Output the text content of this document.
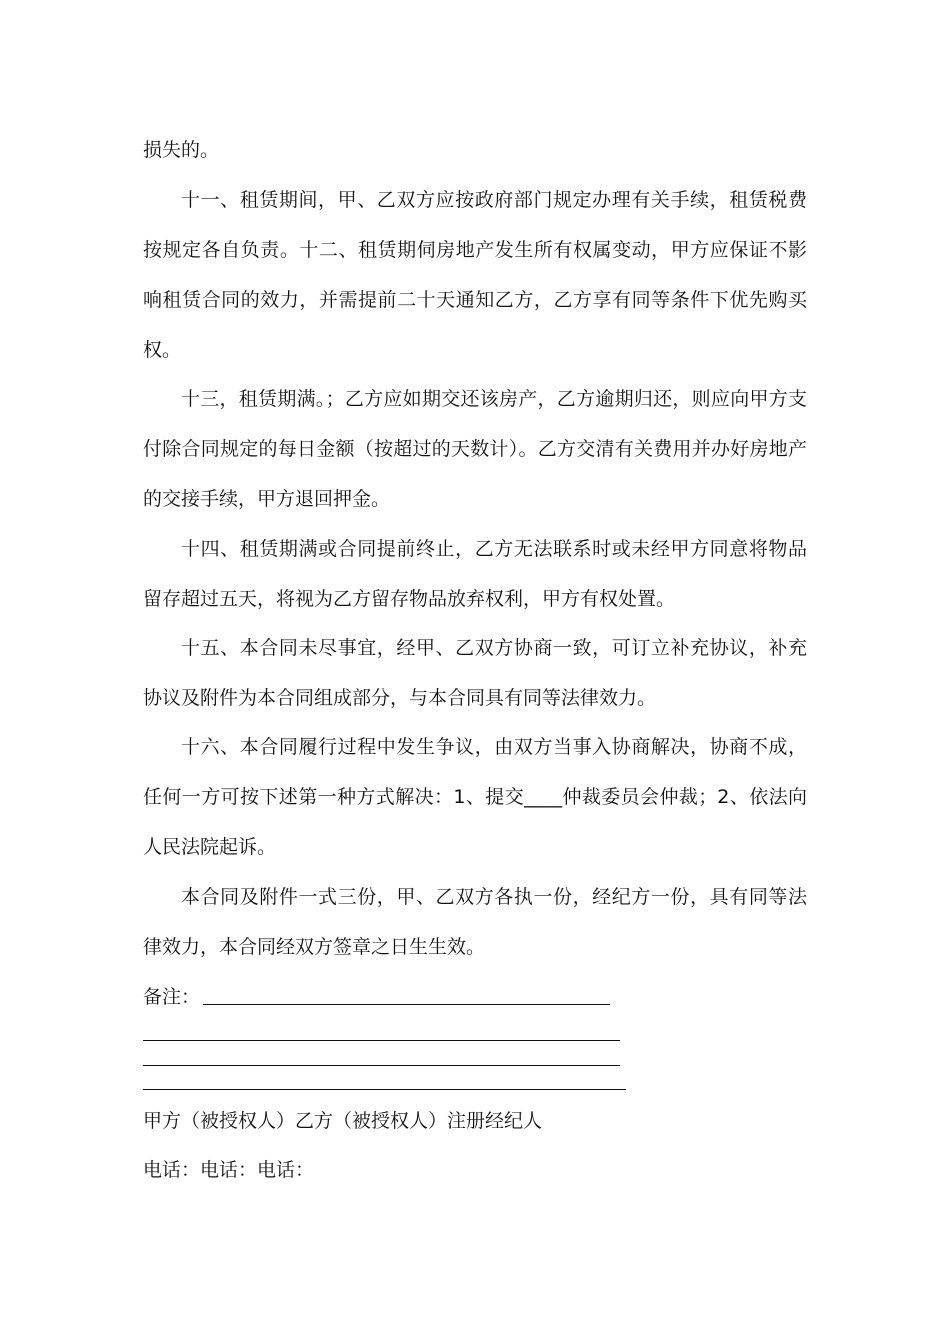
损失的。

十一、租赁期间，甲、乙双方应按政府部门规定办理有关手续，租赁税费按规定各自负责。十二、租赁期伺房地产发生所有权属变动，甲方应保证不影响租赁合同的效力，并需提前二十天通知乙方，乙方享有同等条件下优先购买权。

十三，租赁期满。；乙方应如期交还该房产，乙方逾期归还，则应向甲方支付除合同规定的每日金额（按超过的天数计）。乙方交清有关费用并办好房地产的交接手续，甲方退回押金。

十四、租赁期满或合同提前终止，乙方无法联系时或未经甲方同意将物品留存超过五天，将视为乙方留存物品放弃权利，甲方有权处置。

十五、本合同未尽事宜，经甲、乙双方协商一致，可订立补充协议，补充协议及附件为本合同组成部分，与本合同具有同等法律效力。

十六、本合同履行过程中发生争议，由双方当事入协商解决，协商不成，任何一方可按下述第一种方式解决：1、提交____仲裁委员会仲裁；2、依法向人民法院起诉。

本合同及附件一式三份，甲、乙双方各执一份，经纪方一份，具有同等法律效力，本合同经双方签章之日生生效。

备注：
甲方（被授权人）乙方（被授权人）注册经纪人
电话：电话：电话：
